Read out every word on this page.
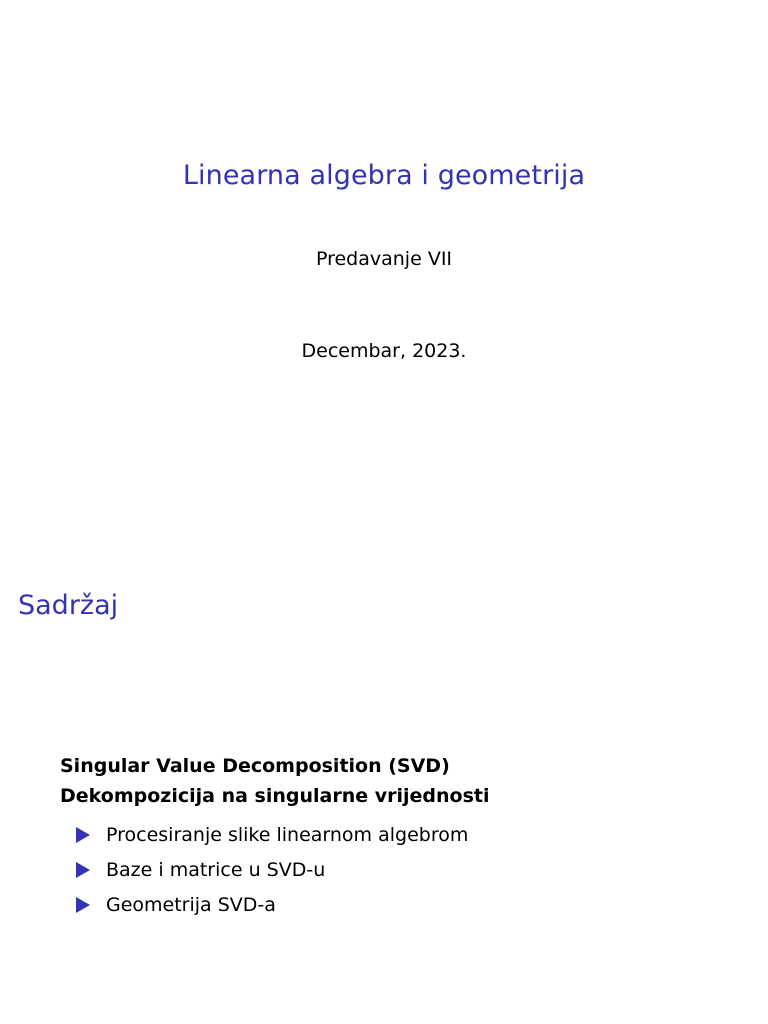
Linearna algebra i geometrija
Predavanje VII
Decembar, 2023.
Sadržaj
Singular Value Decomposition (SVD)
Dekompozicija na singularne vrijednosti
Procesiranje slike linearnom algebrom
Baze i matrice u SVD-u
Geometrija SVD-a
